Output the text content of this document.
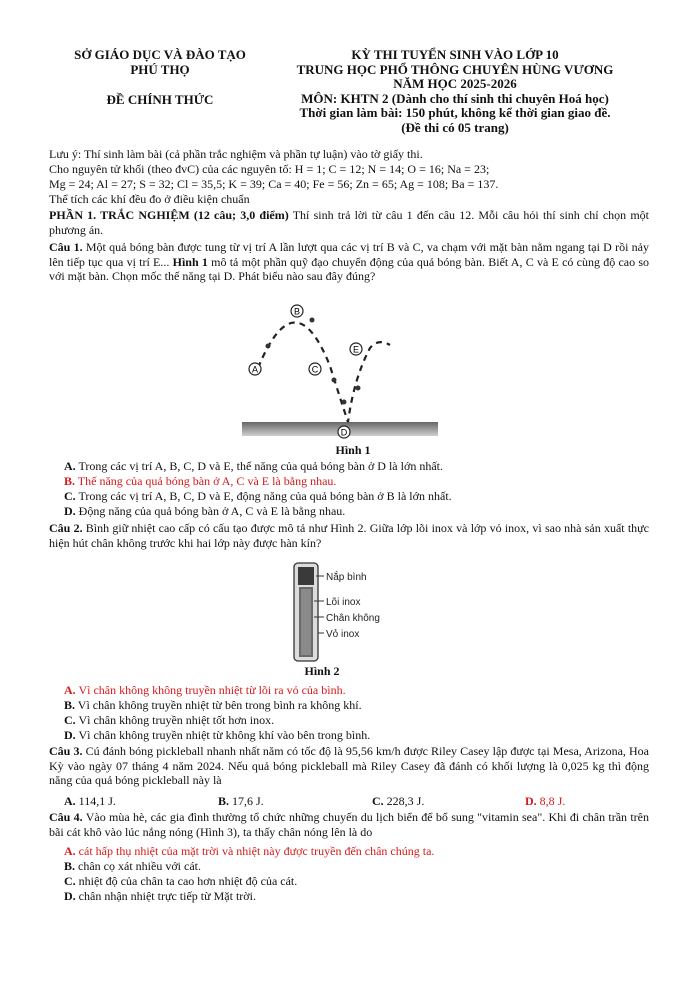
SỞ GIÁO DỤC VÀ ĐÀO TẠO
PHÚ THỌ
ĐỀ CHÍNH THỨC
KỲ THI TUYỂN SINH VÀO LỚP 10
TRUNG HỌC PHỔ THÔNG CHUYÊN HÙNG VƯƠNG
NĂM HỌC 2025-2026
MÔN: KHTN 2 (Dành cho thí sinh thi chuyên Hoá học)
Thời gian làm bài: 150 phút, không kể thời gian giao đề.
(Đề thi có 05 trang)
Lưu ý: Thí sinh làm bài (cả phần trắc nghiệm và phần tự luận) vào tờ giấy thi.
Cho nguyên tử khối (theo đvC) của các nguyên tố: H = 1; C = 12; N = 14; O = 16; Na = 23;
Mg = 24; Al = 27; S = 32; Cl = 35,5; K = 39; Ca = 40; Fe = 56; Zn = 65; Ag = 108; Ba = 137.
Thể tích các khí đều đo ở điều kiện chuẩn
PHẦN 1. TRẮC NGHIỆM (12 câu; 3,0 điểm) Thí sinh trả lời từ câu 1 đến câu 12. Mỗi câu hỏi thí sinh chỉ chọn một phương án.
Câu 1. Một quả bóng bàn được tung từ vị trí A lần lượt qua các vị trí B và C, va chạm với mặt bàn nằm ngang tại D rồi nảy lên tiếp tục qua vị trí E... Hình 1 mô tả một phần quỹ đạo chuyển động của quả bóng bàn. Biết A, C và E có cùng độ cao so với mặt bàn. Chọn mốc thế năng tại D. Phát biểu nào sau đây đúng?
A
B
C
D
E
Hình 1
A. Trong các vị trí A, B, C, D và E, thế năng của quả bóng bàn ở D là lớn nhất.
B. Thế năng của quả bóng bàn ở A, C và E là bằng nhau.
C. Trong các vị trí A, B, C, D và E, động năng của quả bóng bàn ở B là lớn nhất.
D. Động năng của quả bóng bàn ở A, C và E là bằng nhau.
Câu 2. Bình giữ nhiệt cao cấp có cấu tạo được mô tả như Hình 2. Giữa lớp lõi inox và lớp vỏ inox, vì sao nhà sản xuất thực hiện hút chân không trước khi hai lớp này được hàn kín?
Nắp bình
Lõi inox
Chân không
Vỏ inox
Hình 2
A. Vì chân không không truyền nhiệt từ lõi ra vỏ của bình.
B. Vì chân không truyền nhiệt từ bên trong bình ra không khí.
C. Vì chân không truyền nhiệt tốt hơn inox.
D. Vì chân không truyền nhiệt từ không khí vào bên trong bình.
Câu 3. Cú đánh bóng pickleball nhanh nhất năm có tốc độ là 95,56 km/h được Riley Casey lập được tại Mesa, Arizona, Hoa Kỳ vào ngày 07 tháng 4 năm 2024. Nếu quả bóng pickleball mà Riley Casey đã đánh có khối lượng là 0,025 kg thì động năng của quả bóng pickleball này là
A. 114,1 J.	B. 17,6 J.	C. 228,3 J.	D. 8,8 J.
Câu 4. Vào mùa hè, các gia đình thường tổ chức những chuyến du lịch biển để bổ sung "vitamin sea". Khi đi chân trần trên bãi cát khô vào lúc nắng nóng (Hình 3), ta thấy chân nóng lên là do
A. cát hấp thụ nhiệt của mặt trời và nhiệt này được truyền đến chân chúng ta.
B. chân cọ xát nhiều với cát.
C. nhiệt độ của chân ta cao hơn nhiệt độ của cát.
D. chân nhận nhiệt trực tiếp từ Mặt trời.
